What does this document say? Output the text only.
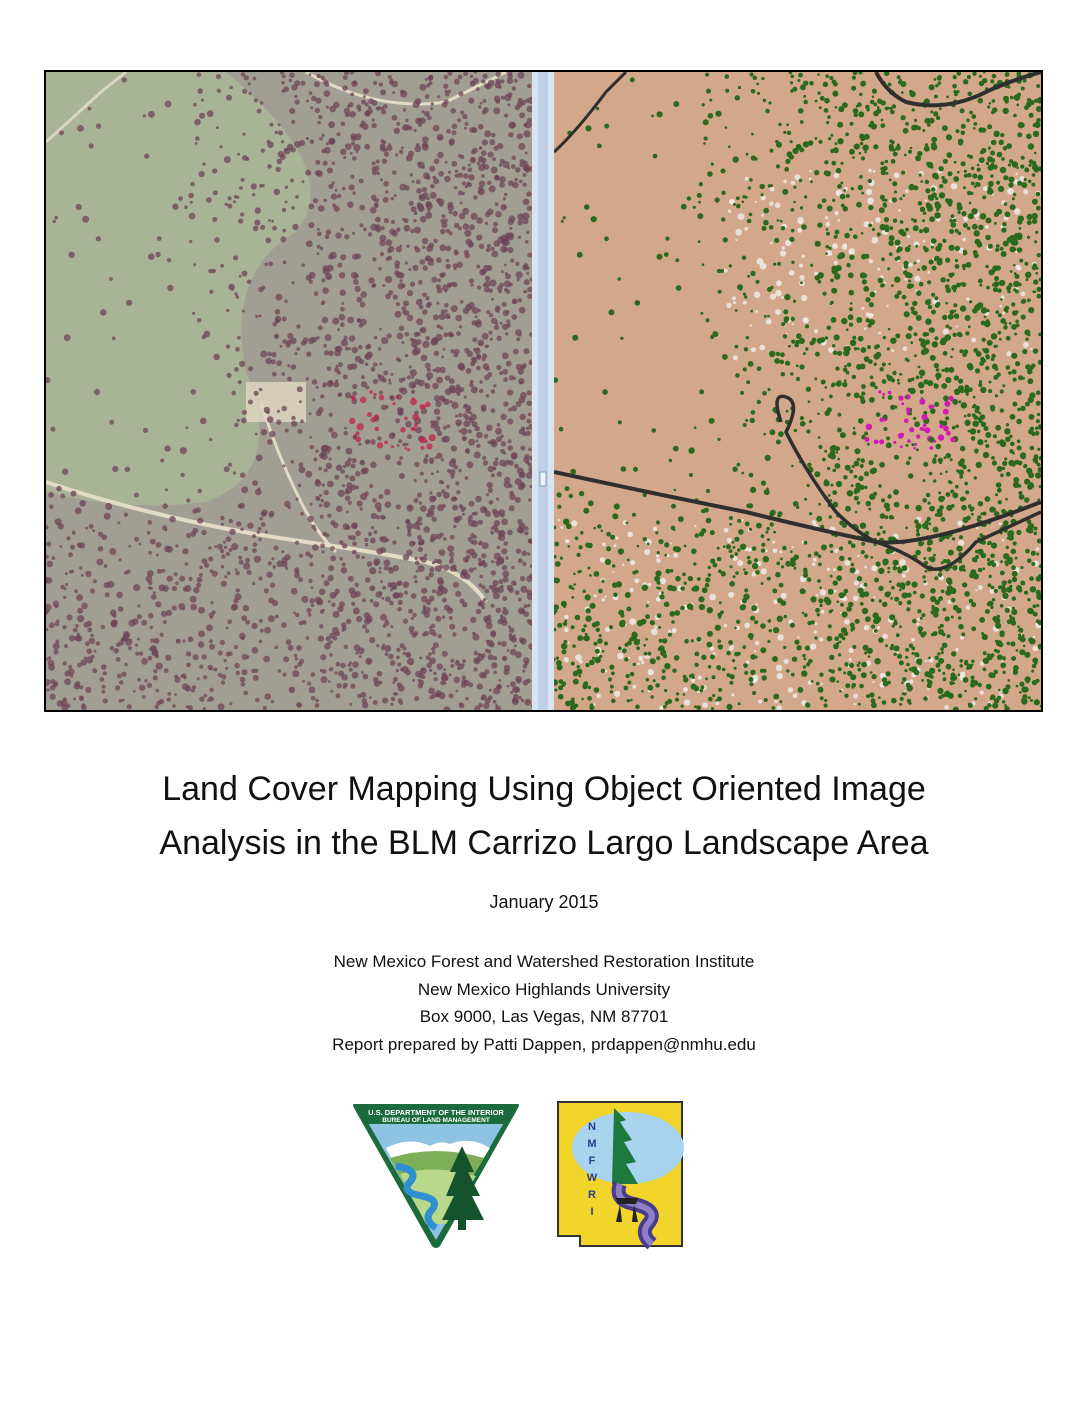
Land Cover Mapping Using Object Oriented Image
Analysis in the BLM Carrizo Largo Landscape Area
January 2015
New Mexico Forest and Watershed Restoration Institute
New Mexico Highlands University
Box 9000, Las Vegas, NM 87701
Report prepared by Patti Dappen, prdappen@nmhu.edu
U.S. DEPARTMENT OF THE INTERIOR
BUREAU OF LAND MANAGEMENT
N
M
F
W
R
I
